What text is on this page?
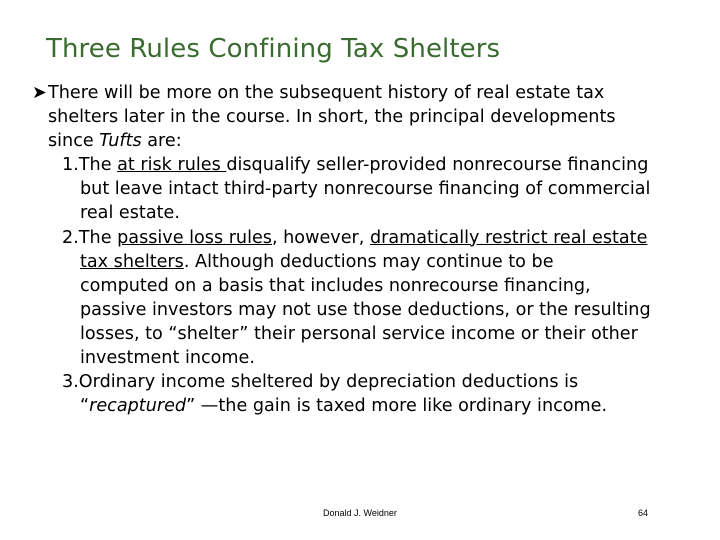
Three Rules Confining Tax Shelters
➤ There will be more on the subsequent history of real estate tax
shelters later in the course. In short, the principal developments
since Tufts are:
1.The at risk rules disqualify seller-provided nonrecourse financing
but leave intact third-party nonrecourse financing of commercial
real estate.
2.The passive loss rules, however, dramatically restrict real estate
tax shelters. Although deductions may continue to be
computed on a basis that includes nonrecourse financing,
passive investors may not use those deductions, or the resulting
losses, to “shelter” their personal service income or their other
investment income.
3.Ordinary income sheltered by depreciation deductions is
“recaptured” —the gain is taxed more like ordinary income.
Donald J. Weidner	64
